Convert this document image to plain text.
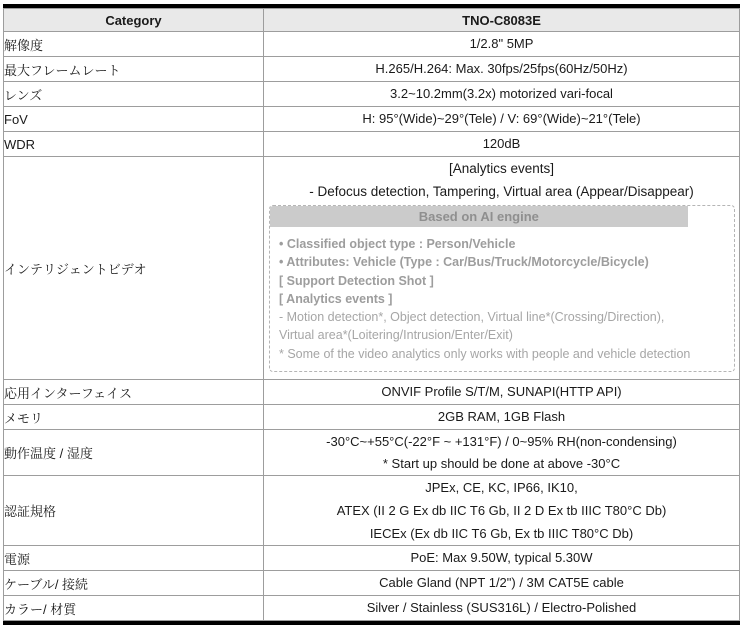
Category	TNO-C8083E
解像度	1/2.8" 5MP

最大フレームレート	H.265/H.264: Max. 30fps/25fps(60Hz/50Hz)

レンズ	3.2~10.2mm(3.2x) motorized vari-focal

FoV	H: 95°(Wide)~29°(Tele) / V: 69°(Wide)~21°(Tele)

WDR	120dB

インテリジェントビデオ	
[Analytics events]
- Defocus detection, Tampering, Virtual area (Appear/Disappear)
Based on AI engine
• Classified object type : Person/Vehicle
• Attributes: Vehicle (Type : Car/Bus/Truck/Motorcycle/Bicycle)
[ Support Detection Shot ]
[ Analytics events ]
- Motion detection*, Object detection, Virtual line*(Crossing/Direction),
Virtual area*(Loitering/Intrusion/Enter/Exit)
* Some of the video analytics only works with people and vehicle detection

応用インターフェイス	ONVIF Profile S/T/M, SUNAPI(HTTP API)

メモリ	2GB RAM, 1GB Flash

動作温度 / 湿度	-30°C~+55°C(-22°F ~ +131°F) / 0~95% RH(non-condensing)
* Start up should be done at above -30°C

認証規格	JPEx, CE, KC, IP66, IK10,
ATEX (II 2 G Ex db IIC T6 Gb, II 2 D Ex tb IIIC T80°C Db)
IECEx (Ex db IIC T6 Gb, Ex tb IIIC T80°C Db)

電源	PoE: Max 9.50W, typical 5.30W

ケーブル/ 接続	Cable Gland (NPT 1/2") / 3M CAT5E cable

カラー/ 材質	Silver / Stainless (SUS316L) / Electro-Polished
